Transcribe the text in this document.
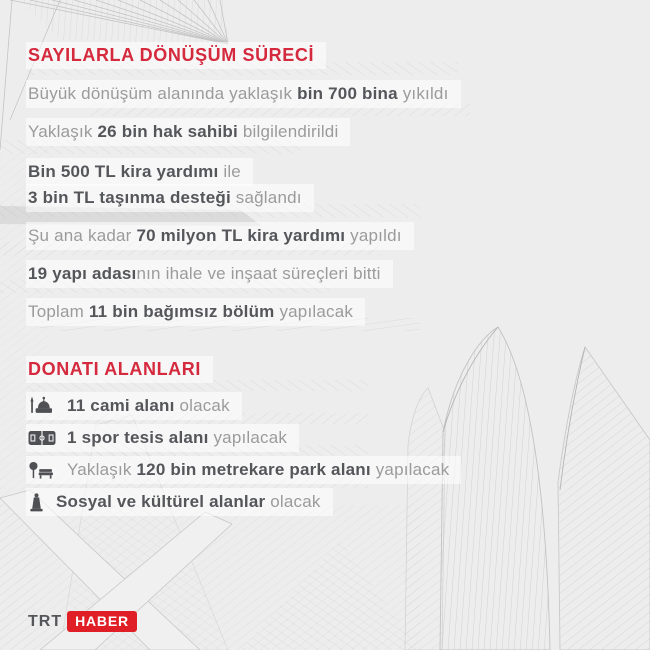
SAYILARLA DÖNÜŞÜM SÜRECİ
Büyük dönüşüm alanında yaklaşık bin 700 bina yıkıldı
Yaklaşık 26 bin hak sahibi bilgilendirildi
Bin 500 TL kira yardımı ile
3 bin TL taşınma desteği sağlandı
Şu ana kadar 70 milyon TL kira yardımı yapıldı
19 yapı adasının ihale ve inşaat süreçleri bitti
Toplam 11 bin bağımsız bölüm yapılacak
DONATI ALANLARI
11 cami alanı olacak
1 spor tesis alanı yapılacak
Yaklaşık 120 bin metrekare park alanı yapılacak
Sosyal ve kültürel alanlar olacak
TRT HABER
